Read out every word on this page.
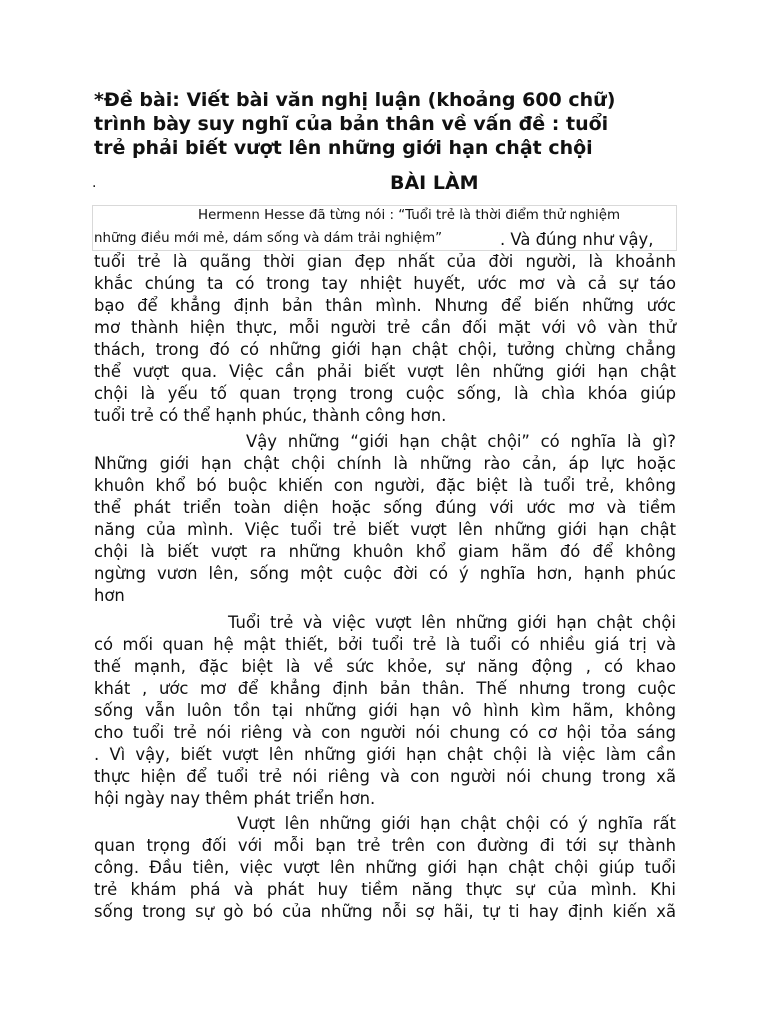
*Đề bài: Viết bài văn nghị luận (khoảng 600 chữ)
trình bày suy nghĩ của bản thân về vấn đề : tuổi
trẻ phải biết vượt lên những giới hạn chật chội
.	BÀI LÀM
Hermenn Hesse đã từng nói : “Tuổi trẻ là thời điểm thử nghiệm
những điều mới mẻ, dám sống và dám trải nghiệm”	. Và đúng như vậy,
tuổi trẻ là quãng thời gian đẹp nhất của đời người, là khoảnh
khắc chúng ta có trong tay nhiệt huyết, ước mơ và cả sự táo
bạo để khẳng định bản thân mình. Nhưng để biến những ước
mơ thành hiện thực, mỗi người trẻ cần đối mặt với vô vàn thử
thách, trong đó có những giới hạn chật chội, tưởng chừng chẳng
thể vượt qua. Việc cần phải biết vượt lên những giới hạn chật
chội là yếu tố quan trọng trong cuộc sống, là chìa khóa giúp
tuổi trẻ có thể hạnh phúc, thành công hơn.
Vậy những “giới hạn chật chội” có nghĩa là gì?
Những giới hạn chật chội chính là những rào cản, áp lực hoặc
khuôn khổ bó buộc khiến con người, đặc biệt là tuổi trẻ, không
thể phát triển toàn diện hoặc sống đúng với ước mơ và tiềm
năng của mình. Việc tuổi trẻ biết vượt lên những giới hạn chật
chội là biết vượt ra những khuôn khổ giam hãm đó để không
ngừng vươn lên, sống một cuộc đời có ý nghĩa hơn, hạnh phúc
hơn
Tuổi trẻ và việc vượt lên những giới hạn chật chội
có mối quan hệ mật thiết, bởi tuổi trẻ là tuổi có nhiều giá trị và
thế mạnh, đặc biệt là về sức khỏe, sự năng động , có khao
khát , ước mơ để khẳng định bản thân. Thế nhưng trong cuộc
sống vẫn luôn tồn tại những giới hạn vô hình kìm hãm, không
cho tuổi trẻ nói riêng và con người nói chung có cơ hội tỏa sáng
. Vì vậy, biết vượt lên những giới hạn chật chội là việc làm cần
thực hiện để tuổi trẻ nói riêng và con người nói chung trong xã
hội ngày nay thêm phát triển hơn.
Vượt lên những giới hạn chật chội có ý nghĩa rất
quan trọng đối với mỗi bạn trẻ trên con đường đi tới sự thành
công. Đầu tiên, việc vượt lên những giới hạn chật chội giúp tuổi
trẻ khám phá và phát huy tiềm năng thực sự của mình. Khi
sống trong sự gò bó của những nỗi sợ hãi, tự ti hay định kiến xã
